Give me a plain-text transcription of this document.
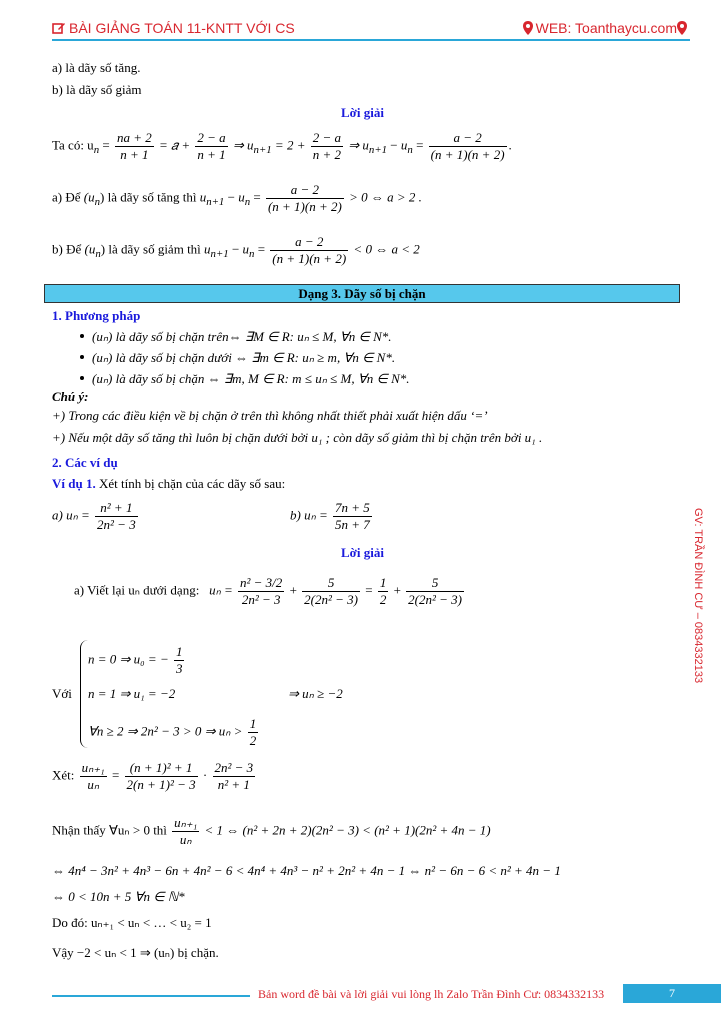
BÀI GIẢNG TOÁN 11-KNTT VỚI CS	WEB: Toanthaycu.com
a) là dãy số tăng.
b) là dãy số giảm
Lời giải
Ta có: $u_n = \frac{na + 2}{n + 1}$ = 𝑎 + $\frac{2 - a}{n + 1}$ ⇒ $u_{n+1} = 2 + \frac{2 - a}{n + 2}$ ⇒ $u_{n+1} - u_n = \frac{a - 2}{(n + 1)(n + 2)}$ .
a) Để $(u_n)$ là dãy số tăng thì $u_{n+1} - u_n = \frac{a - 2}{(n + 1)(n + 2)} > 0$ ⇔ a > 2 .
b) Để $(u_n)$ là dãy số giảm thì $u_{n+1} - u_n = \frac{a - 2}{(n + 1)(n + 2)} < 0$ ⇔ a < 2
Dạng 3. Dãy số bị chặn
1. Phương pháp
(uₙ) là dãy số bị chặn trên⇔ ∃M ∈ R: uₙ ≤ M, ∀n ∈ N*.
(uₙ) là dãy số bị chặn dưới ⇔ ∃m ∈ R: uₙ ≥ m, ∀n ∈ N*.
(uₙ) là dãy số bị chặn ⇔ ∃m, M ∈ R: m ≤ uₙ ≤ M, ∀n ∈ N*.
Chú ý:
+) Trong các điều kiện về bị chặn ở trên thì không nhất thiết phải xuất hiện dấu ‘=’
+) Nếu một dãy số tăng thì luôn bị chặn dưới bởi u₁ ; còn dãy số giảm thì bị chặn trên bởi u₁ .
2. Các ví dụ
Ví dụ 1. Xét tính bị chặn của các dãy số sau:
a) $u_n = \frac{\text{n² + 1}}{\text{2n² − 3}}$	b) $u_n = \frac{7n + 5}{5n + 7}$
Lời giải
a) Viết lại uₙ dưới dạng: $u_n = \frac{\text{n² − 3/2}}{\text{2n² − 3}} + \frac{5}{\text{2(2n² − 3)}} = \frac{1}{2} + \frac{5}{\text{2(2n² − 3)}}$
Với
n = 0 ⇒ u₀ = − $\frac{1}{3}$
n = 1 ⇒ u₁ = −2	⇒ uₙ ≥ −2
∀n ≥ 2 ⇒ 2n² − 3 > 0 ⇒ $u_n > \frac{1}{2}$
Xét: $\frac{\text{uₙ₊₁}}{\text{uₙ}} = \frac{\text{(n + 1)² + 1}}{\text{2(n + 1)² − 3}} \cdot \frac{\text{2n² − 3}}{\text{n² + 1}}$
Nhận thấy ∀uₙ > 0 thì $\frac{\text{uₙ₊₁}}{\text{uₙ}} < 1$ ⇔ (n² + 2n + 2)(2n² − 3) < (n² + 1)(2n² + 4n − 1)
⇔ 4n⁴ − 3n² + 4n³ − 6n + 4n² − 6 < 4n⁴ + 4n³ − n² + 2n² + 4n − 1 ⇔ n² − 6n − 6 < n² + 4n − 1
⇔ 0 < 10n + 5 ∀n ∈ ℕ*
Do đó: uₙ₊₁ < uₙ < … < u₂ = 1
Vậy −2 < uₙ < 1 ⇒ (uₙ) bị chặn.
GV: TRẦN ĐÌNH CƯ – 0834332133
Bản word đề bài và lời giải vui lòng lh Zalo Trần Đình Cư: 0834332133	7
